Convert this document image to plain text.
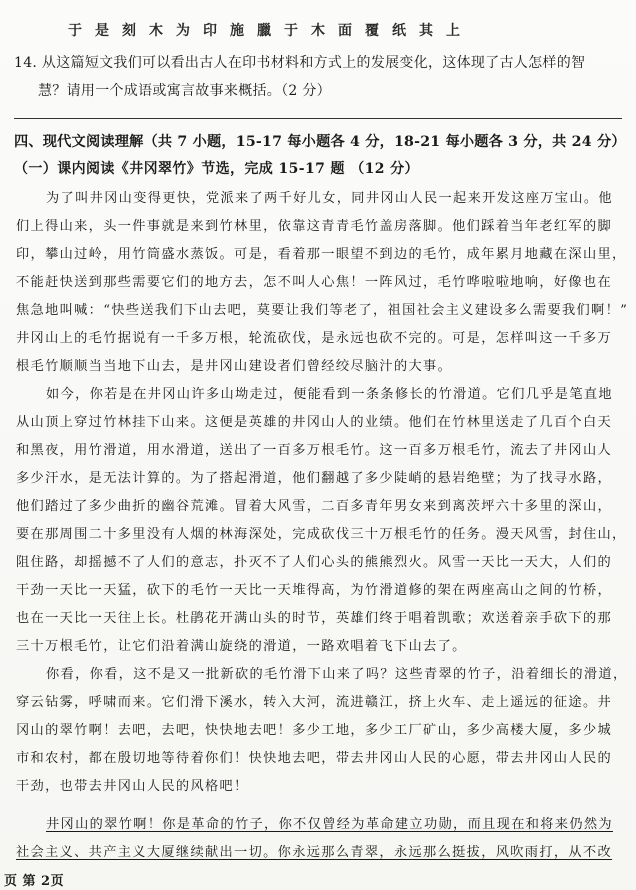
于是刻木为印施臘于木面覆纸其上
14. 从这篇短文我们可以看出古人在印书材料和方式上的发展变化，这体现了古人怎样的智
慧？请用一个成语或寓言故事来概括。（2 分）
四、现代文阅读理解（共 7 小题，15-17 每小题各 4 分，18-21 每小题各 3 分，共 24 分）
（一）课内阅读《井冈翠竹》节选，完成 15-17 题 （12 分）
为了叫井冈山变得更快，党派来了两千好儿女，同井冈山人民一起来开发这座万宝山。他
们上得山来，头一件事就是来到竹林里，依靠这青青毛竹盖房落脚。他们踩着当年老红军的脚
印，攀山过岭，用竹筒盛水蒸饭。可是，看着那一眼望不到边的毛竹，成年累月地藏在深山里，
不能赶快送到那些需要它们的地方去，怎不叫人心焦！一阵风过，毛竹哗啦啦地响，好像也在
焦急地叫喊：“快些送我们下山去吧，莫要让我们等老了，祖国社会主义建设多么需要我们啊！”
井冈山上的毛竹据说有一千多万根，轮流砍伐，是永远也砍不完的。可是，怎样叫这一千多万
根毛竹顺顺当当地下山去，是井冈山建设者们曾经绞尽脑汁的大事。
如今，你若是在井冈山许多山坳走过，便能看到一条条修长的竹滑道。它们几乎是笔直地
从山顶上穿过竹林挂下山来。这便是英雄的井冈山人的业绩。他们在竹林里送走了几百个白天
和黑夜，用竹滑道，用水滑道，送出了一百多万根毛竹。这一百多万根毛竹，流去了井冈山人
多少汗水，是无法计算的。为了搭起滑道，他们翻越了多少陡峭的悬岩绝壁；为了找寻水路，
他们踏过了多少曲折的幽谷荒滩。冒着大风雪，二百多青年男女来到离茨坪六十多里的深山，
要在那周围二十多里没有人烟的林海深处，完成砍伐三十万根毛竹的任务。漫天风雪，封住山，
阻住路，却摇撼不了人们的意志，扑灭不了人们心头的熊熊烈火。风雪一天比一天大，人们的
干劲一天比一天猛，砍下的毛竹一天比一天堆得高，为竹滑道修的架在两座高山之间的竹桥，
也在一天比一天往上长。杜鹃花开满山头的时节，英雄们终于唱着凯歌；欢送着亲手砍下的那
三十万根毛竹，让它们沿着满山旋绕的滑道，一路欢唱着飞下山去了。
你看，你看，这不是又一批新砍的毛竹滑下山来了吗？这些青翠的竹子，沿着细长的滑道，
穿云钻雾，呼啸而来。它们滑下溪水，转入大河，流进赣江，挤上火车、走上遥远的征途。井
冈山的翠竹啊！去吧，去吧，快快地去吧！多少工地，多少工厂矿山，多少高楼大厦，多少城
市和农村，都在殷切地等待着你们！快快地去吧，带去井冈山人民的心愿，带去井冈山人民的
干劲，也带去井冈山人民的风格吧！
井冈山的翠竹啊！你是革命的竹子，你不仅曾经为革命建立功勋，而且现在和将来仍然为
社会主义、共产主义大厦继续献出一切。你永远那么青翠，永远那么挺拔，风吹雨打，从不改
页 第 2页
